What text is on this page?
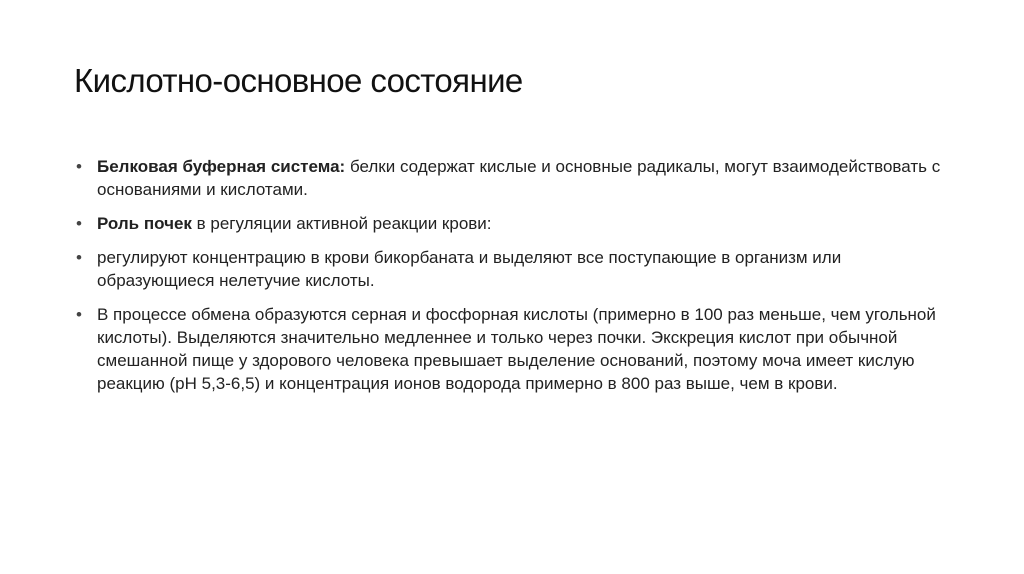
Кислотно-основное состояние
• Белковая буферная система: белки содержат кислые и основные радикалы, могут взаимодействовать с основаниями и кислотами.
• Роль почек в регуляции активной реакции крови:
• регулируют концентрацию в крови бикорбаната и выделяют все поступающие в организм или образующиеся нелетучие кислоты.
• В процессе обмена образуются серная и фосфорная кислоты (примерно в 100 раз меньше, чем угольной кислоты). Выделяются значительно медленнее и только через почки. Экскреция кислот при обычной смешанной пище у здорового человека превышает выделение оснований, поэтому моча имеет кислую реакцию (рН 5,3-6,5) и концентрация ионов водорода примерно в 800 раз выше, чем в крови.
